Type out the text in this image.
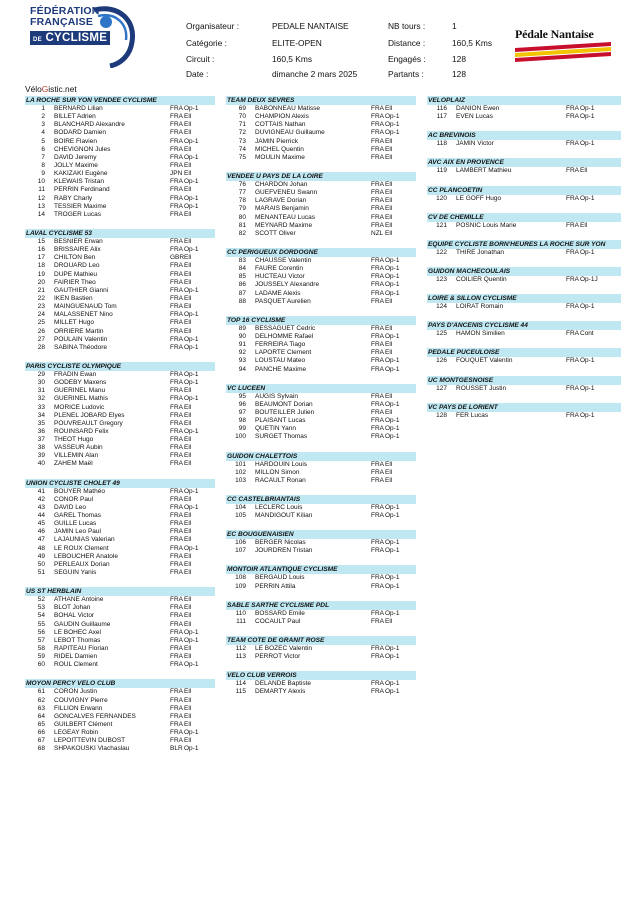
FÉDÉRATION
FRANÇAISE
DE CYCLISME
Organisateur :	PEDALE NANTAISE
Catégorie :	ELITE-OPEN
Circuit :	160,5 Kms
Date :	dimanche 2 mars 2025
NB tours :	1
Distance :	160,5 Kms
Engagés :	128
Partants :	128
Pédale Nantaise
VéloGistic.net
LA ROCHE SUR YON VENDEE CYCLISME
1	BERNARD Lilian	FRA Op-1
2	BILLET Adrien	FRA Ell
3	BLANCHARD Alexandre	FRA Ell
4	BODARD Damien	FRA Ell
5	BOIRE Flavien	FRA Op-1
6	CHEVIGNON Jules	FRA Ell
7	DAVID Jeremy	FRA Op-1
8	JOLLY Maxime	FRA Ell
9	KAKIZAKI Eugène	JPN Ell
10	KLEWAIS Tristan	FRA Op-1
11	PERRIN Ferdinand	FRA Ell
12	RABY Charly	FRA Op-1
13	TESSIER Maxime	FRA Op-1
14	TROGER Lucas	FRA Ell
LAVAL CYCLISME 53
15	BESNIER Erwan	FRA Ell
16	BRISSAIRE Alix	FRA Op-1
17	CHILTON Ben	GBR Ell
18	DROUARD Leo	FRA Ell
19	DUPE Mathieu	FRA Ell
20	FAIRIER Theo	FRA Ell
21	GAUTHIER Gianni	FRA Op-1
22	IKEN Bastien	FRA Ell
23	MAINGUENAUD Tom	FRA Ell
24	MALASSENET Nino	FRA Op-1
25	MILLET Hugo	FRA Ell
26	ORRIERE Martin	FRA Ell
27	POULAIN Valentin	FRA Op-1
28	SABINA Théodore	FRA Op-1
PARIS CYCLISTE OLYMPIQUE
29	FRADIN Ewan	FRA Op-1
30	GODEBY Maxens	FRA Op-1
31	GUERINEL Manu	FRA Ell
32	GUERINEL Mathis	FRA Op-1
33	MORICE Ludovic	FRA Ell
34	PLENEL JOBARD Elyes	FRA Ell
35	POUVREAULT Gregory	FRA Ell
36	ROUINSARD Felix	FRA Op-1
37	THEOT Hugo	FRA Ell
38	VASSEUR Aubin	FRA Ell
39	VILLEMIN Alan	FRA Ell
40	ZAHEM Maël	FRA Ell
UNION CYCLISTE CHOLET 49
41	BOUYER Mathéo	FRA Op-1
42	CONOR Paul	FRA Ell
43	DAVID Leo	FRA Op-1
44	GAREL Thomas	FRA Ell
45	GUILLE Lucas	FRA Ell
46	JAMIN Leo Paul	FRA Ell
47	LAJAUNIAS Valerian	FRA Ell
48	LE ROUX Clement	FRA Op-1
49	LEBOUCHER Anatole	FRA Ell
50	PERLEAUX Dorian	FRA Ell
51	SEGUIN Yanis	FRA Ell
US ST HERBLAIN
52	ATHANE Antoine	FRA Ell
53	BLOT Johan	FRA Ell
54	BOHAL Victor	FRA Ell
55	GAUDIN Guillaume	FRA Ell
56	LE BOHEC Axel	FRA Op-1
57	LEBOT Thomas	FRA Op-1
58	RAPITEAU Florian	FRA Ell
59	RIDEL Damien	FRA Ell
60	ROUL Clement	FRA Op-1
MOYON PERCY VELO CLUB
61	CORON Justin	FRA Ell
62	COUVIGNY Pierre	FRA Ell
63	FILLION Erwann	FRA Ell
64	GONCALVES FERNANDES	FRA Ell
65	GUILBERT Clément	FRA Ell
66	LEGEAY Robin	FRA Op-1
67	LEPOITTEVIN DUBOST	FRA Ell
68	SHPAKOUSKI Vlachaslau	BLR Op-1
TEAM DEUX SEVRES
69	BABONNEAU Matisse	FRA Ell
70	CHAMPION Alexis	FRA Op-1
71	COTTAIS Nathan	FRA Op-1
72	DUVIGNEAU Guillaume	FRA Op-1
73	JAMIN Pierrick	FRA Ell
74	MICHEL Quentin	FRA Ell
75	MOULIN Maxime	FRA Ell
VENDEE U PAYS DE LA LOIRE
76	CHARDON Johan	FRA Ell
77	GUEFVENEU Swann	FRA Ell
78	LAGRAVE Dorian	FRA Ell
79	MARAIS Benjamin	FRA Ell
80	MENANTEAU Lucas	FRA Ell
81	MEYNARD Maxime	FRA Ell
82	SCOTT Oliver	NZL Ell
CC PERIGUEUX DORDOGNE
83	CHAUSSE Valentin	FRA Op-1
84	FAURE Corentin	FRA Op-1
85	HUCTEAU Victor	FRA Op-1
86	JOUSSELY Alexandre	FRA Op-1
87	LADAME Alexis	FRA Op-1
88	PASQUET Aurelien	FRA Ell
TOP 16 CYCLISME
89	BESSAGUET Cedric	FRA Ell
90	DELHOMME Rafael	FRA Op-1
91	FERREIRA Tiago	FRA Ell
92	LAPORTE Clement	FRA Ell
93	LOUSTAU Mateo	FRA Op-1
94	PANCHE Maxime	FRA Op-1
VC LUCEEN
95	AUGIS Sylvain	FRA Ell
96	BEAUMONT Dorian	FRA Op-1
97	BOUTEILLER Julien	FRA Ell
98	PLAISANT Lucas	FRA Op-1
99	QUETIN Yann	FRA Op-1
100	SURGET Thomas	FRA Op-1
GUIDON CHALETTOIS
101	HARDOUIN Louis	FRA Ell
102	MILLON Simon	FRA Ell
103	RACAULT Ronan	FRA Ell
CC CASTELBRIANTAIS
104	LECLERC Louis	FRA Op-1
105	MANDIGOUT Kilian	FRA Op-1
EC BOUGUENAISIEN
106	BERGER Nicolas	FRA Op-1
107	JOURDREN Tristan	FRA Op-1
MONTOIR ATLANTIQUE CYCLISME
108	BERGAUD Louis	FRA Op-1
109	PERRIN Attila	FRA Op-1
SABLE SARTHE CYCLISME PDL
110	BOSSARD Emile	FRA Op-1
111	COCAULT Paul	FRA Ell
TEAM COTE DE GRANIT ROSE
112	LE BOZEC Valentin	FRA Op-1
113	PERROT Victor	FRA Op-1
VELO CLUB VERROIS
114	DELANDE Baptiste	FRA Op-1
115	DEMARTY Alexis	FRA Op-1
VELOPLAIZ
116	DANION Ewen	FRA Op-1
117	EVEN Lucas	FRA Op-1
AC BREVINOIS
118	JAMIN Victor	FRA Op-1
AVC AIX EN PROVENCE
119	LAMBERT Mathieu	FRA Ell
CC PLANCOETIN
120	LE GOFF Hugo	FRA Op-1
CV DE CHEMILLE
121	POSNIC Louis Marie	FRA Ell
EQUIPE CYCLISTE BORN'HEURES LA ROCHE SUR YON
122	THIRE Jonathan	FRA Op-1
GUIDON MACHECOULAIS
123	COILIER Quentin	FRA Op-1J
LOIRE & SILLON CYCLISME
124	LOIRAT Romain	FRA Op-1
PAYS D'ANCENIS CYCLISME 44
125	HAMON Similien	FRA Cont
PEDALE PUCEULOISE
126	FOUQUET Valentin	FRA Op-1
UC MONTGESNOISE
127	ROUSSET Justin	FRA Op-1
VC PAYS DE LORIENT
128	FER Lucas	FRA Op-1
